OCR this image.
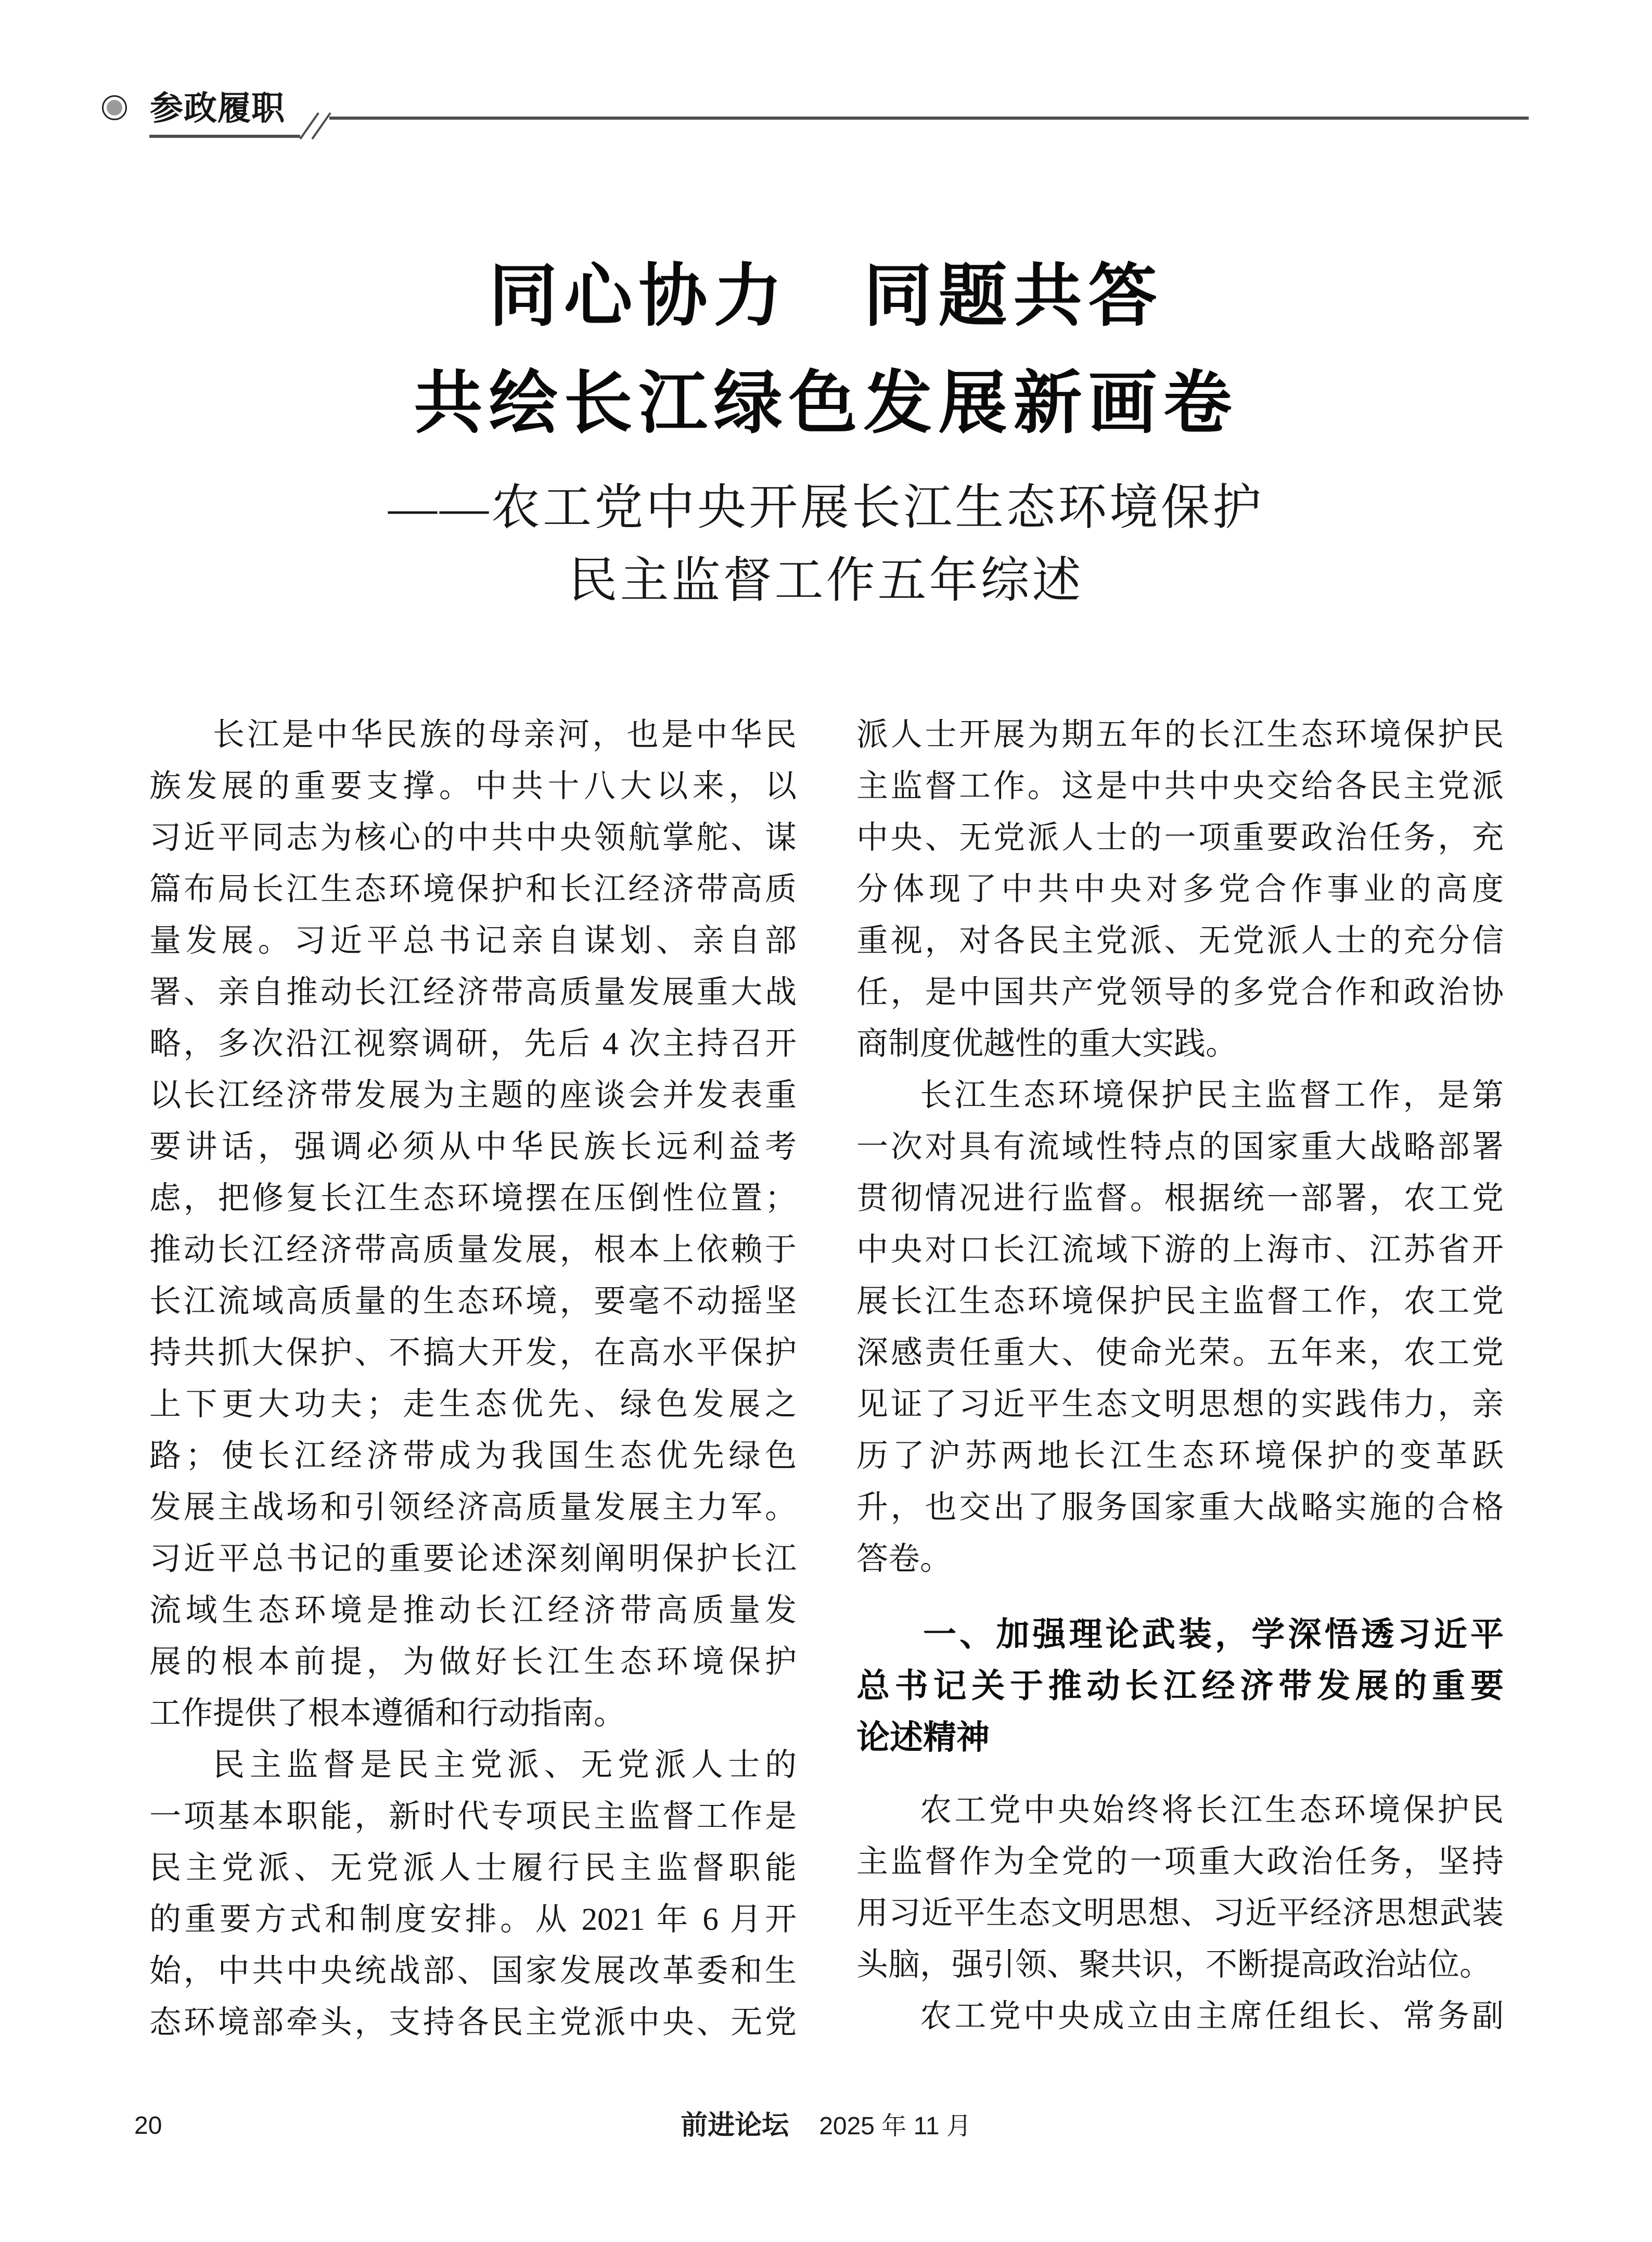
参政履职
同心协力　同题共答
共绘长江绿色发展新画卷
——农工党中央开展长江生态环境保护
民主监督工作五年综述
长江是中华民族的母亲河，也是中华民
族发展的重要支撑。中共十八大以来，以
习近平同志为核心的中共中央领航掌舵、谋
篇布局长江生态环境保护和长江经济带高质
量发展。习近平总书记亲自谋划、亲自部
署、亲自推动长江经济带高质量发展重大战
略，多次沿江视察调研，先后 4 次主持召开
以长江经济带发展为主题的座谈会并发表重
要讲话，强调必须从中华民族长远利益考
虑，把修复长江生态环境摆在压倒性位置；
推动长江经济带高质量发展，根本上依赖于
长江流域高质量的生态环境，要毫不动摇坚
持共抓大保护、不搞大开发，在高水平保护
上下更大功夫；走生态优先、绿色发展之
路；使长江经济带成为我国生态优先绿色
发展主战场和引领经济高质量发展主力军。
习近平总书记的重要论述深刻阐明保护长江
流域生态环境是推动长江经济带高质量发
展的根本前提，为做好长江生态环境保护
工作提供了根本遵循和行动指南。
民主监督是民主党派、无党派人士的
一项基本职能，新时代专项民主监督工作是
民主党派、无党派人士履行民主监督职能
的重要方式和制度安排。从 2021 年 6 月开
始，中共中央统战部、国家发展改革委和生
态环境部牵头，支持各民主党派中央、无党
派人士开展为期五年的长江生态环境保护民
主监督工作。这是中共中央交给各民主党派
中央、无党派人士的一项重要政治任务，充
分体现了中共中央对多党合作事业的高度
重视，对各民主党派、无党派人士的充分信
任，是中国共产党领导的多党合作和政治协
商制度优越性的重大实践。
长江生态环境保护民主监督工作，是第
一次对具有流域性特点的国家重大战略部署
贯彻情况进行监督。根据统一部署，农工党
中央对口长江流域下游的上海市、江苏省开
展长江生态环境保护民主监督工作，农工党
深感责任重大、使命光荣。五年来，农工党
见证了习近平生态文明思想的实践伟力，亲
历了沪苏两地长江生态环境保护的变革跃
升，也交出了服务国家重大战略实施的合格
答卷。
一、加强理论武装，学深悟透习近平
总书记关于推动长江经济带发展的重要
论述精神
农工党中央始终将长江生态环境保护民
主监督作为全党的一项重大政治任务，坚持
用习近平生态文明思想、习近平经济思想武装
头脑，强引领、聚共识，不断提高政治站位。
农工党中央成立由主席任组长、常务副
20	前进论坛 2025 年 11 月
